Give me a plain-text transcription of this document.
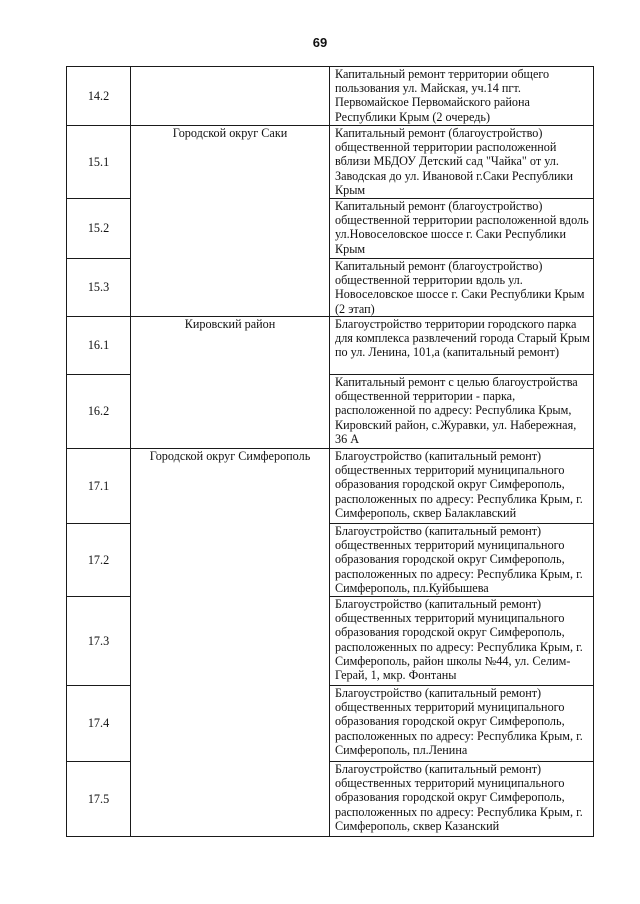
69
14.2		Капитальный ремонт территории общего пользования ул. Майская, уч.14 пгт. Первомайское Первомайского района Республики Крым (2 очередь)

15.1	Городской округ Саки	Капитальный ремонт (благоустройство) общественной территории расположенной вблизи МБДОУ Детский сад "Чайка" от ул. Заводская до ул. Ивановой г.Саки Республики Крым

15.2		Капитальный ремонт (благоустройство) общественной территории расположенной вдоль ул.Новоселовское шоссе г. Саки Республики Крым

15.3		Капитальный ремонт (благоустройство) общественной территории вдоль ул. Новоселовское шоссе г. Саки Республики Крым (2 этап)

16.1	Кировский район	Благоустройство территории городского парка для комплекса развлечений города Старый Крым по ул. Ленина, 101,а (капитальный ремонт)

16.2		Капитальный ремонт с целью благоустройства общественной территории - парка, расположенной по адресу: Республика Крым, Кировский район, с.Журавки, ул. Набережная, 36 А

17.1	Городской округ Симферополь	Благоустройство (капитальный ремонт) общественных территорий муниципального образования городской округ Симферополь, расположенных по адресу: Республика Крым, г. Симферополь, сквер Балаклавский

17.2		Благоустройство (капитальный ремонт) общественных территорий муниципального образования городской округ Симферополь, расположенных по адресу: Республика Крым, г. Симферополь, пл.Куйбышева

17.3		Благоустройство (капитальный ремонт) общественных территорий муниципального образования городской округ Симферополь, расположенных по адресу: Республика Крым, г. Симферополь, район школы №44, ул. Селим-Герай, 1, мкр. Фонтаны

17.4		Благоустройство (капитальный ремонт) общественных территорий муниципального образования городской округ Симферополь, расположенных по адресу: Республика Крым, г. Симферополь, пл.Ленина

17.5		Благоустройство (капитальный ремонт) общественных территорий муниципального образования городской округ Симферополь, расположенных по адресу: Республика Крым, г. Симферополь, сквер Казанский
